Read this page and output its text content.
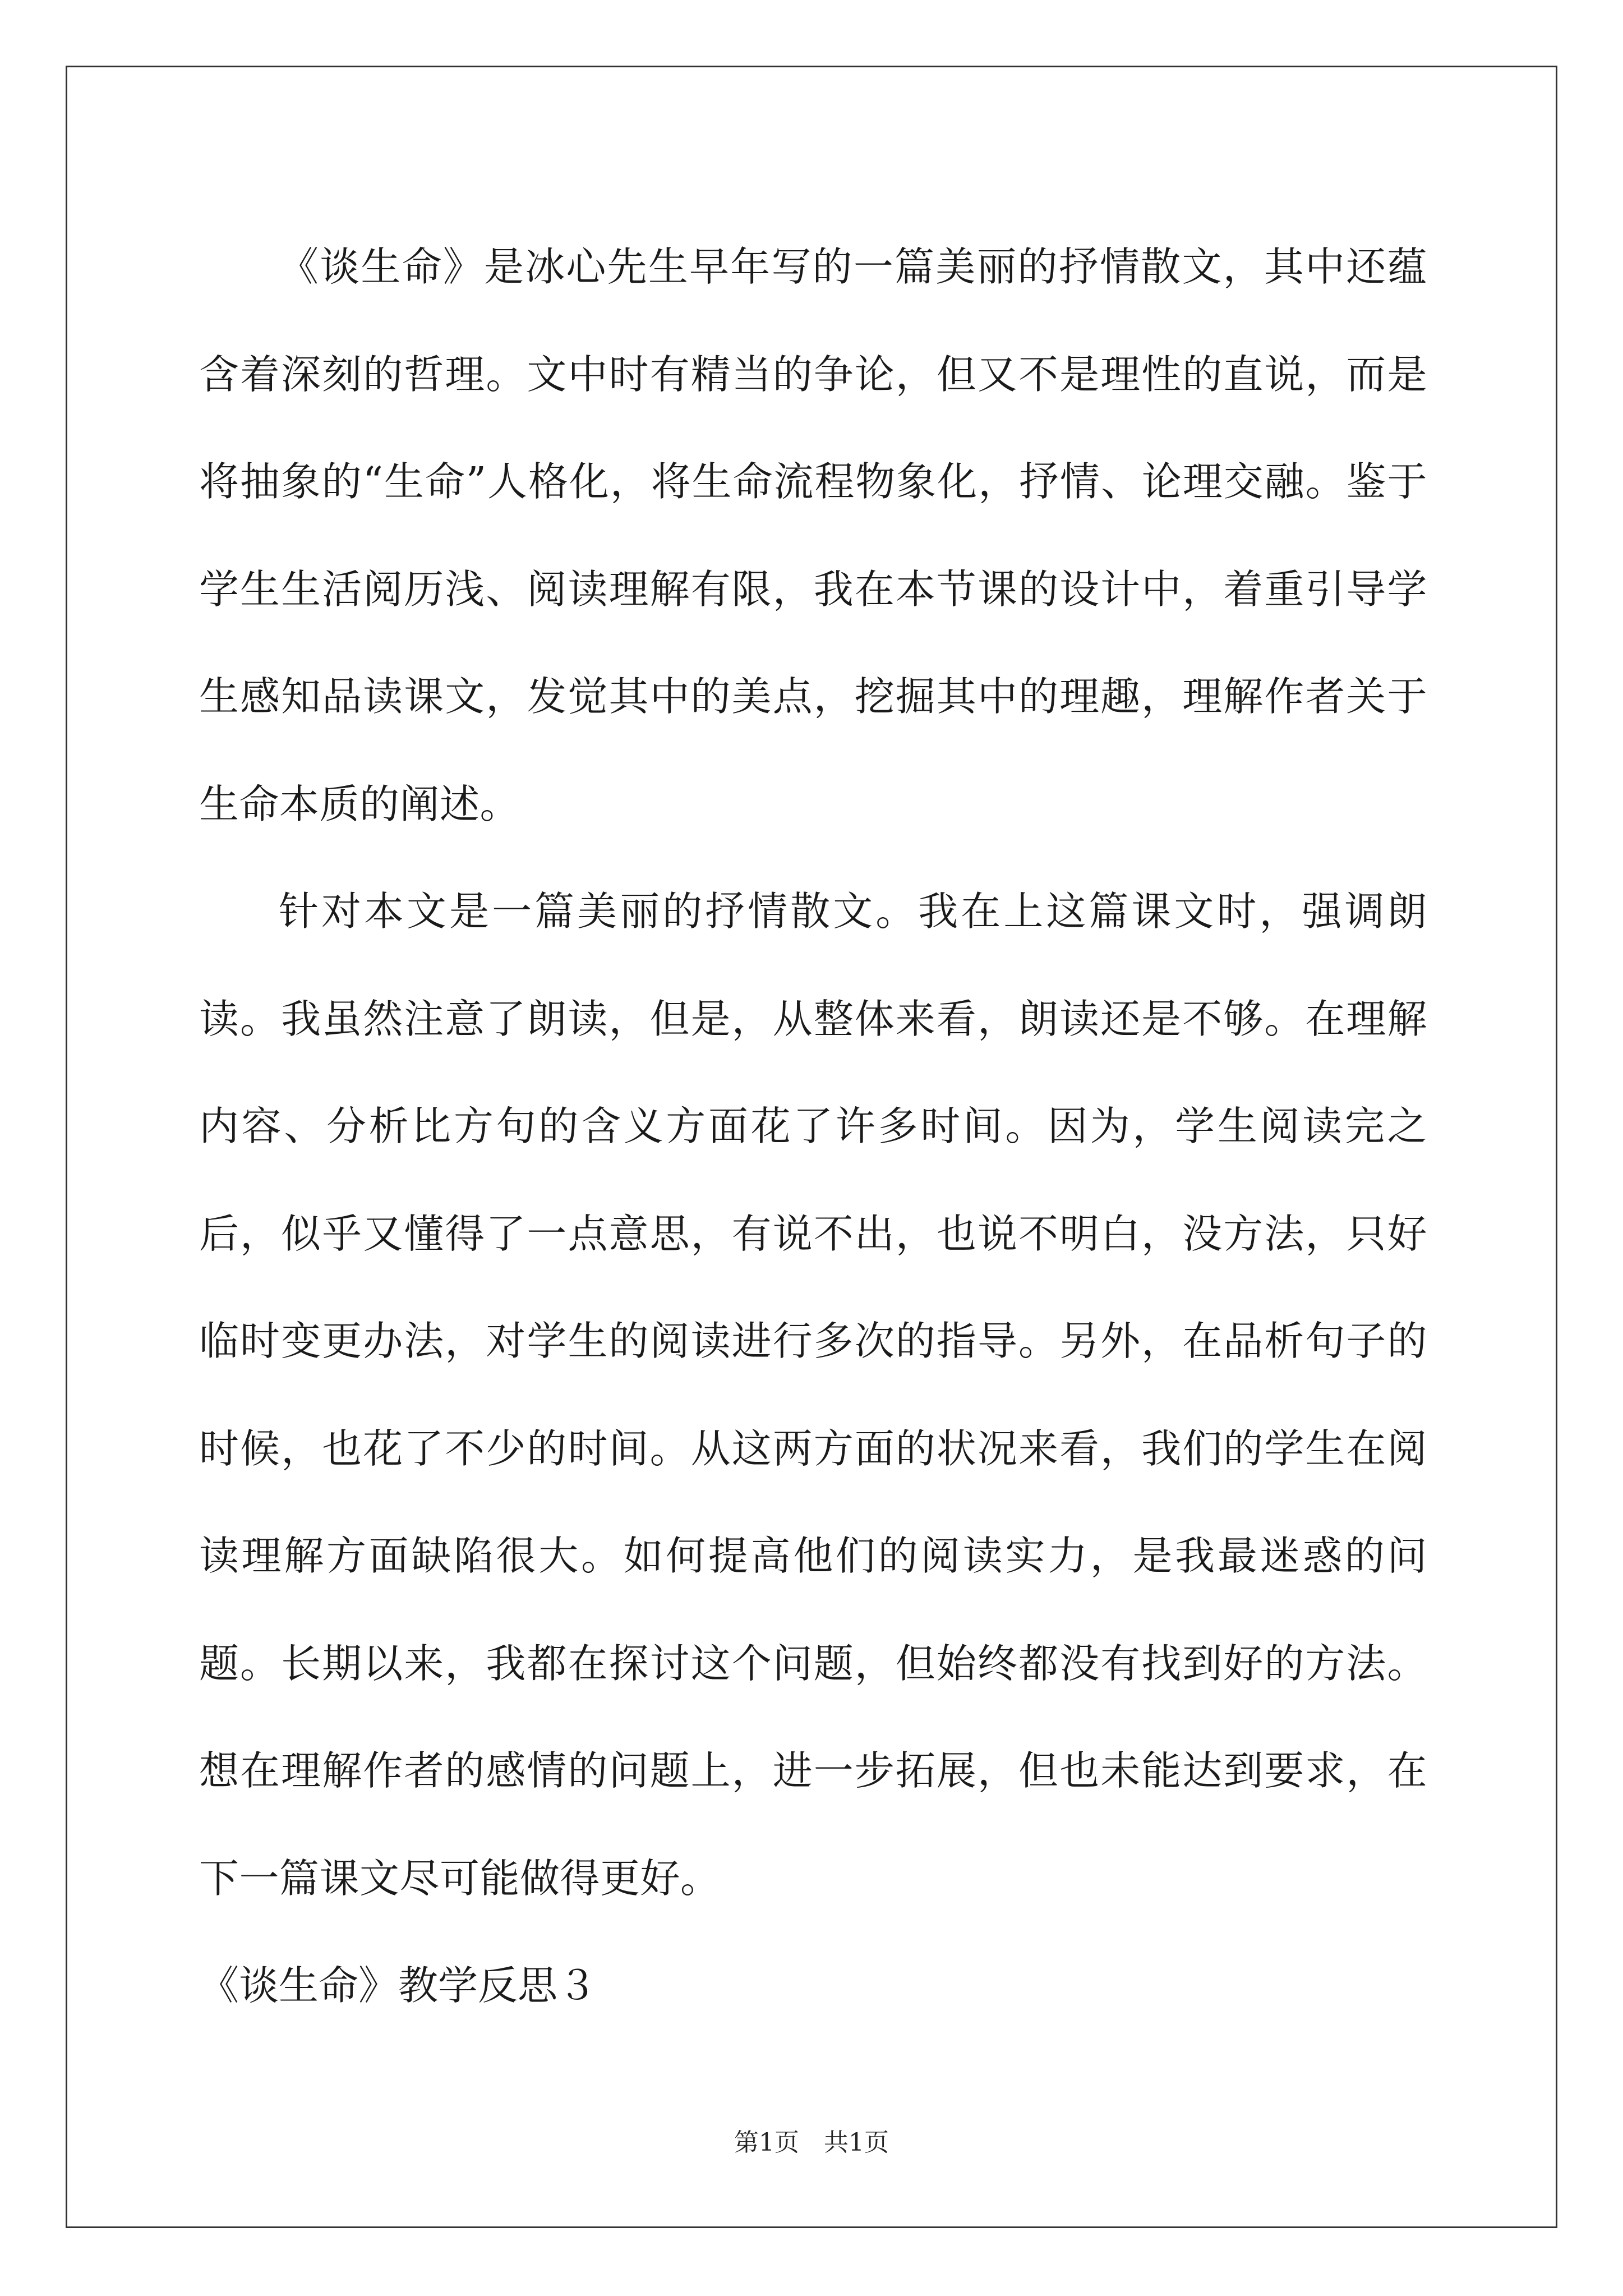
《谈生命》是冰心先生早年写的一篇美丽的抒情散文，其中还蕴含着深刻的哲理。文中时有精当的争论，但又不是理性的直说，而是将抽象的“生命”人格化，将生命流程物象化，抒情、论理交融。鉴于学生生活阅历浅、阅读理解有限，我在本节课的设计中，着重引导学生感知品读课文，发觉其中的美点，挖掘其中的理趣，理解作者关于生命本质的阐述。

针对本文是一篇美丽的抒情散文。我在上这篇课文时，强调朗读。我虽然注意了朗读，但是，从整体来看，朗读还是不够。在理解内容、分析比方句的含义方面花了许多时间。因为，学生阅读完之后，似乎又懂得了一点意思，有说不出，也说不明白，没方法，只好临时变更办法，对学生的阅读进行多次的指导。另外，在品析句子的时候，也花了不少的时间。从这两方面的状况来看，我们的学生在阅读理解方面缺陷很大。如何提高他们的阅读实力，是我最迷惑的问题。长期以来，我都在探讨这个问题，但始终都没有找到好的方法。想在理解作者的感情的问题上，进一步拓展，但也未能达到要求，在下一篇课文尽可能做得更好。

《谈生命》教学反思３

第1页　共1页
